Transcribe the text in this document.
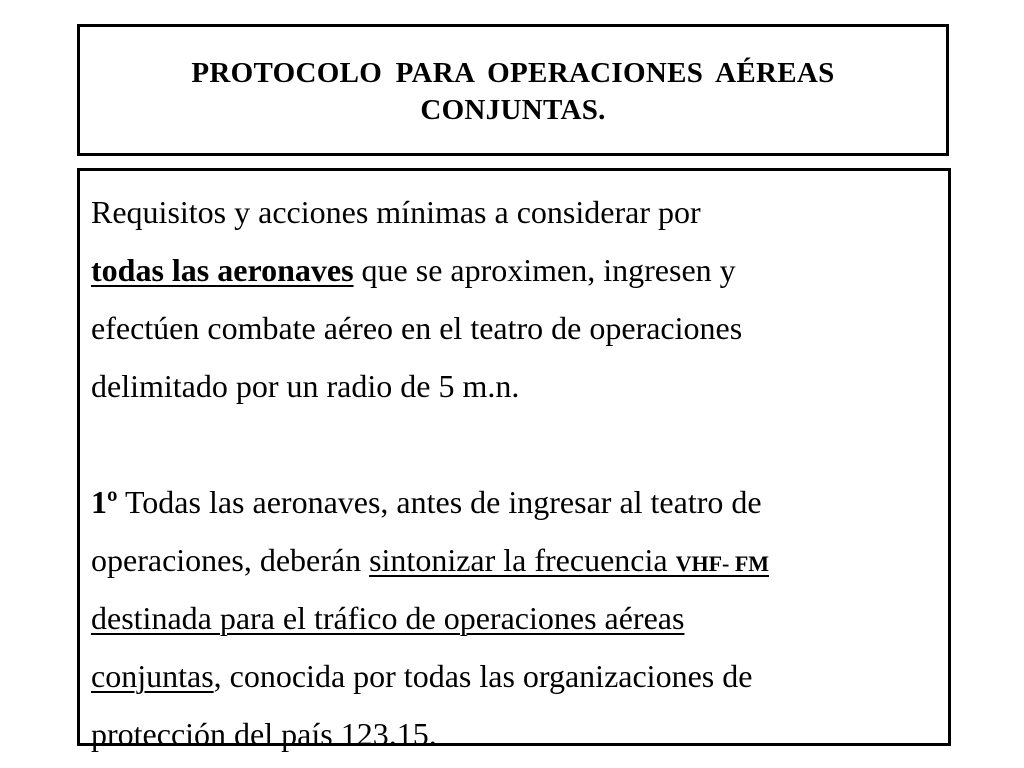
PROTOCOLO PARA OPERACIONES AÉREAS
CONJUNTAS.
Requisitos y acciones mínimas a considerar por
todas las aeronaves que se aproximen, ingresen y
efectúen combate aéreo en el teatro de operaciones
delimitado por un radio de 5 m.n.
1º Todas las aeronaves, antes de ingresar al teatro de
operaciones, deberán sintonizar la frecuencia VHF- FM
destinada para el tráfico de operaciones aéreas
conjuntas, conocida por todas las organizaciones de
protección del país 123.15.
